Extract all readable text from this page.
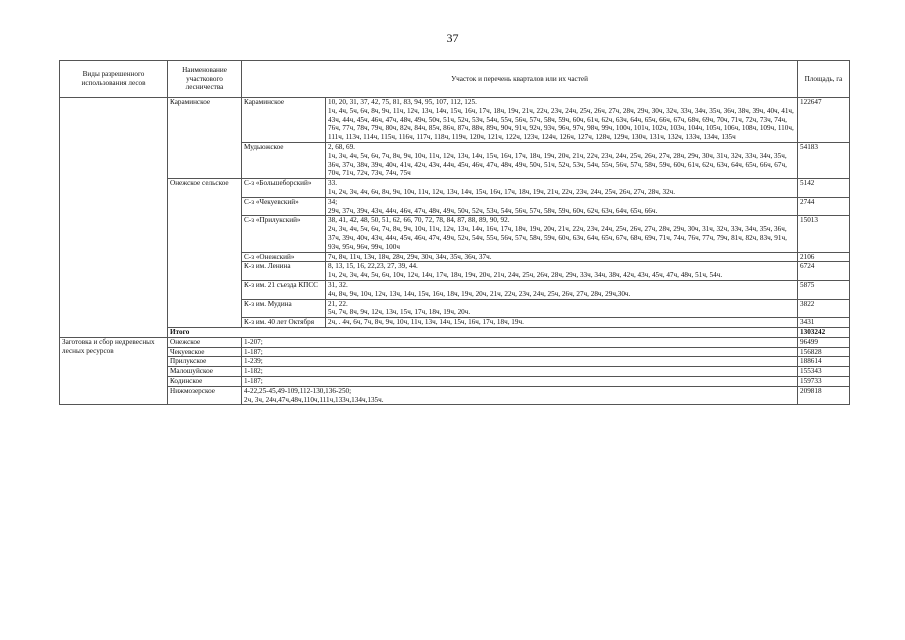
37
Виды разрешенного использования лесов	Наименование участкового лесничества	Участок и перечень кварталов или их частей		Площадь, га
	Караминское	Караминское	10, 20, 31, 37, 42, 75, 81, 83, 94, 95, 107, 112, 125.
1ч, 4ч, 5ч, 6ч, 8ч, 9ч, 11ч, 12ч, 13ч, 14ч, 15ч, 16ч, 17ч, 18ч, 19ч, 21ч, 22ч, 23ч, 24ч, 25ч, 26ч, 27ч, 28ч, 29ч, 30ч, 32ч, 33ч, 34ч, 35ч, 36ч, 38ч, 39ч, 40ч, 41ч, 43ч, 44ч, 45ч, 46ч, 47ч, 48ч, 49ч, 50ч, 51ч, 52ч, 53ч, 54ч, 55ч, 56ч, 57ч, 58ч, 59ч, 60ч, 61ч, 62ч, 63ч, 64ч, 65ч, 66ч, 67ч, 68ч, 69ч, 70ч, 71ч, 72ч, 73ч, 74ч, 76ч, 77ч, 78ч, 79ч, 80ч, 82ч, 84ч, 85ч, 86ч, 87ч, 88ч, 89ч, 90ч, 91ч, 92ч, 93ч, 96ч, 97ч, 98ч, 99ч, 100ч, 101ч, 102ч, 103ч, 104ч, 105ч, 106ч, 108ч, 109ч, 110ч, 111ч, 113ч, 114ч, 115ч, 116ч, 117ч, 118ч, 119ч, 120ч, 121ч, 122ч, 123ч, 124ч, 126ч, 127ч, 128ч, 129ч, 130ч, 131ч, 132ч, 133ч, 134ч, 135ч	122647
		Мудьюжское	2, 68, 69.
1ч, 3ч, 4ч, 5ч, 6ч, 7ч, 8ч, 9ч, 10ч, 11ч, 12ч, 13ч, 14ч, 15ч, 16ч, 17ч, 18ч, 19ч, 20ч, 21ч, 22ч, 23ч, 24ч, 25ч, 26ч, 27ч, 28ч, 29ч, 30ч, 31ч, 32ч, 33ч, 34ч, 35ч, 36ч, 37ч, 38ч, 39ч, 40ч, 41ч, 42ч, 43ч, 44ч, 45ч, 46ч, 47ч, 48ч, 49ч, 50ч, 51ч, 52ч, 53ч, 54ч, 55ч, 56ч, 57ч, 58ч, 59ч, 60ч, 61ч, 62ч, 63ч, 64ч, 65ч, 66ч, 67ч, 70ч, 71ч, 72ч, 73ч, 74ч, 75ч	54183
	Онежское сельское	С-з «Большеборский»	33.
1ч, 2ч, 3ч, 4ч, 6ч, 8ч, 9ч, 10ч, 11ч, 12ч, 13ч, 14ч, 15ч, 16ч, 17ч, 18ч, 19ч, 21ч, 22ч, 23ч, 24ч, 25ч, 26ч, 27ч, 28ч, 32ч.	5142
		С-з «Чекуевский»	34;
29ч, 37ч, 39ч, 43ч, 44ч, 46ч, 47ч, 48ч, 49ч, 50ч, 52ч, 53ч, 54ч, 56ч, 57ч, 58ч, 59ч, 60ч, 62ч, 63ч, 64ч, 65ч, 66ч.	2744
		С-з «Прилукский»	38, 41, 42, 48, 50, 51, 62, 66, 70, 72, 78, 84, 87, 88, 89, 90, 92.
2ч, 3ч, 4ч, 5ч, 6ч, 7ч, 8ч, 9ч, 10ч, 11ч, 12ч, 13ч, 14ч, 16ч, 17ч, 18ч, 19ч, 20ч, 21ч, 22ч, 23ч, 24ч, 25ч, 26ч, 27ч, 28ч, 29ч, 30ч, 31ч, 32ч, 33ч, 34ч, 35ч, 36ч, 37ч, 39ч, 40ч, 43ч, 44ч, 45ч, 46ч, 47ч, 49ч, 52ч, 54ч, 55ч, 56ч, 57ч, 58ч, 59ч, 60ч, 63ч, 64ч, 65ч, 67ч, 68ч, 69ч, 71ч, 74ч, 76ч, 77ч, 79ч, 81ч, 82ч, 83ч, 91ч, 93ч, 95ч, 96ч, 99ч, 100ч	15013
		С-з «Онежский»	7ч, 8ч, 11ч, 13ч, 18ч, 28ч, 29ч, 30ч, 34ч, 35ч, 36ч, 37ч.	2106
		К-з им. Ленина	8, 13, 15, 16, 22,23, 27, 39, 44.
1ч, 2ч, 3ч, 4ч, 5ч, 6ч, 10ч, 12ч, 14ч, 17ч, 18ч, 19ч, 20ч, 21ч, 24ч, 25ч, 26ч, 28ч, 29ч, 33ч, 34ч, 38ч, 42ч, 43ч, 45ч, 47ч, 48ч, 51ч, 54ч.	6724
		К-з им. 21 съезда КПСС	31, 32.
4ч, 8ч, 9ч, 10ч, 12ч, 13ч, 14ч, 15ч, 16ч, 18ч, 19ч, 20ч, 21ч, 22ч, 23ч, 24ч, 25ч, 26ч, 27ч, 28ч, 29ч,30ч.	5875
		К-з им. Мудина	21, 22.
5ч, 7ч, 8ч, 9ч, 12ч, 13ч, 15ч, 17ч, 18ч, 19ч, 20ч.	3822
		К-з им. 40 лет Октября	2ч, . 4ч, 6ч, 7ч, 8ч, 9ч, 10ч, 11ч, 13ч, 14ч, 15ч, 16ч, 17ч, 18ч, 19ч.	3431
	Итого			1303242
Заготовка и сбор недревесных лесных ресурсов	Онежское	1-207;		96499
	Чекуевское	1-187;		156828
	Прилукское	1-239;		188614
	Малошуйское	1-182;		155343
	Кодинское	1-187;		159733
	Нижмозерское	4-22,25-45,49-109,112-130,136-250;
2ч, 3ч, 24ч,47ч,48ч,110ч,111ч,133ч,134ч,135ч.		209818
